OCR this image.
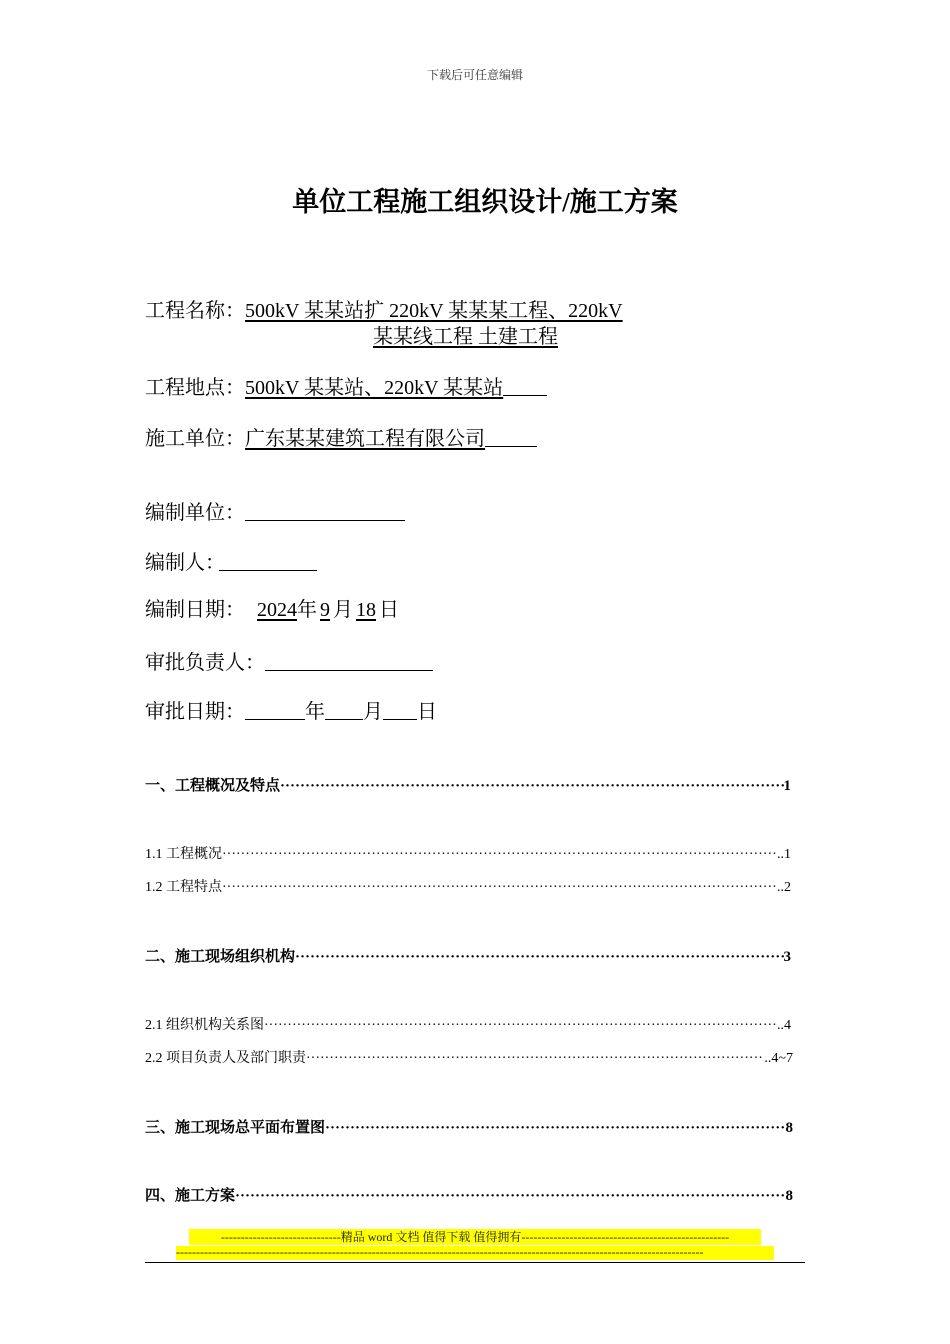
下载后可任意编辑
单位工程施工组织设计/施工方案
工程名称：500kV 某某站扩 220kV 某某某工程、220kV
某某线工程 土建工程
工程地点：500kV 某某站、220kV 某某站
施工单位：广东某某建筑工程有限公司
编制单位：
编制人：
编制日期： 2024年 9 月 18 日
审批负责人：
审批日期：	年 月 日
一、工程概况及特点 ·····	1
1.1 工程概况 ·····	..1
1.2 工程特点 ·····	..2
二、施工现场组织机构 ·····	3
2.1 组织机构关系图 ·····	..4
2.2 项目负责人及部门职责 ·····	..4~7
三、施工现场总平面布置图 ·····	8
四、施工方案 ·····	8
------------------------------精品 word 文档 值得下载 值得拥有----------------------------------------------------
------------------------------------------------------------------------------------------------------------------------------------
